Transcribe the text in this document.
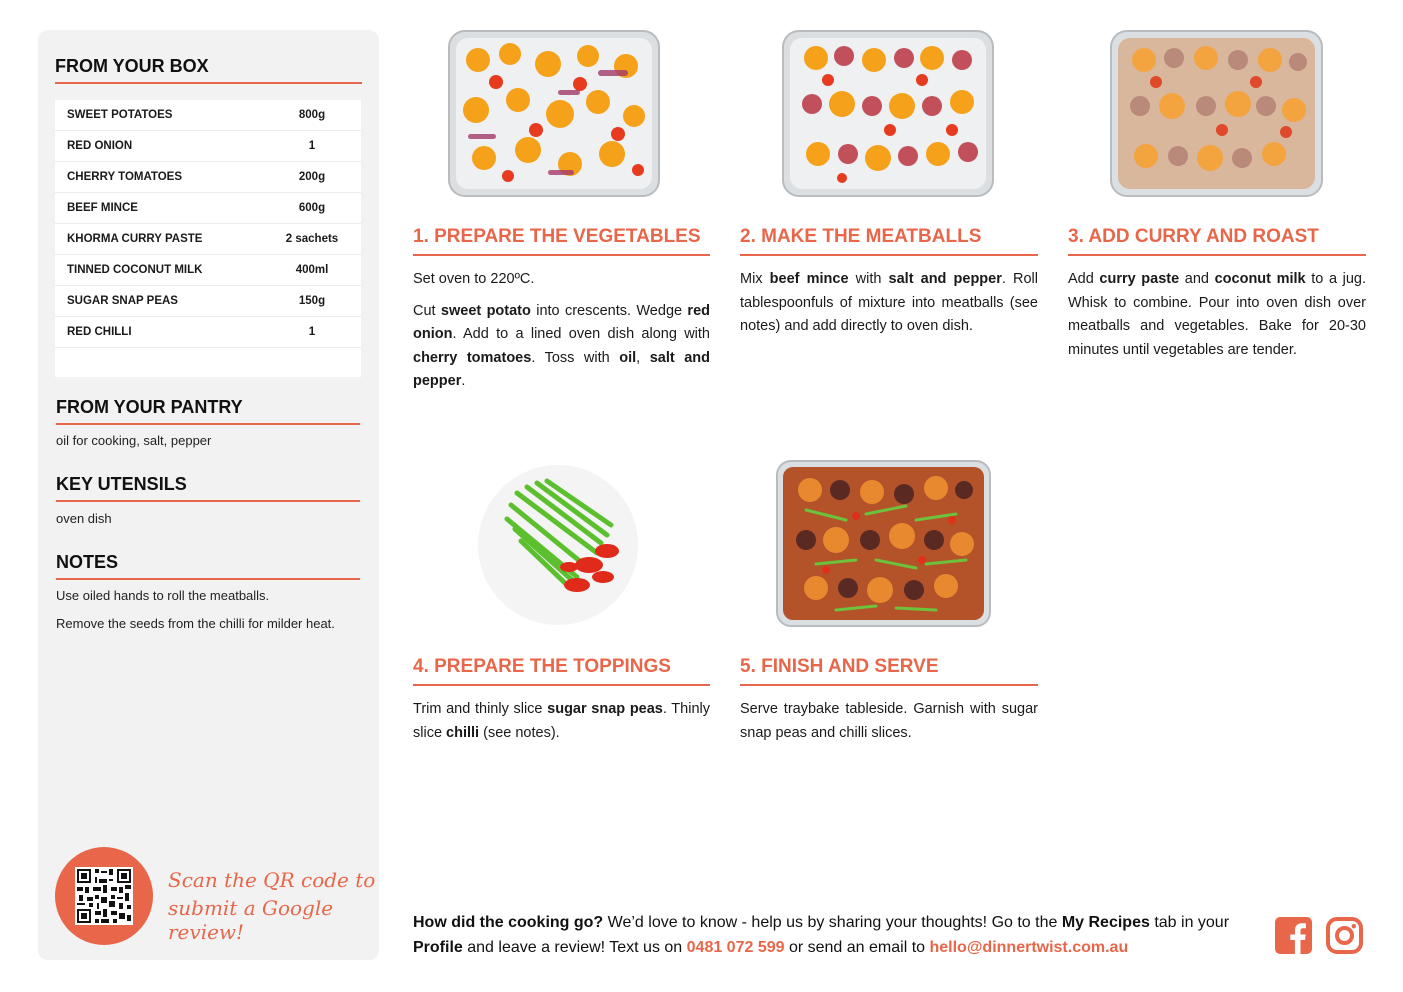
FROM YOUR BOX
SWEET POTATOES	800g
RED ONION	1
CHERRY TOMATOES	200g
BEEF MINCE	600g
KHORMA CURRY PASTE	2 sachets
TINNED COCONUT MILK	400ml
SUGAR SNAP PEAS	150g
RED CHILLI	1
FROM YOUR PANTRY
oil for cooking, salt, pepper
KEY UTENSILS
oven dish
NOTES
Use oiled hands to roll the meatballs.
Remove the seeds from the chilli for milder heat.
Scan the QR code to
submit a Google review!
1. PREPARE THE VEGETABLES

Set oven to 220ºC.

Cut sweet potato into crescents. Wedge red onion. Add to a lined oven dish along with cherry tomatoes. Toss with oil, salt and pepper.

2. MAKE THE MEATBALLS

Mix beef mince with salt and pepper. Roll tablespoonfuls of mixture into meatballs (see notes) and add directly to oven dish.

3. ADD CURRY AND ROAST

Add curry paste and coconut milk to a jug. Whisk to combine. Pour into oven dish over meatballs and vegetables. Bake for 20-30 minutes until vegetables are tender.

4. PREPARE THE TOPPINGS

Trim and thinly slice sugar snap peas. Thinly slice chilli (see notes).

5. FINISH AND SERVE

Serve traybake tableside. Garnish with sugar snap peas and chilli slices.

How did the cooking go? We’d love to know - help us by sharing your thoughts! Go to the My Recipes tab in your Profile and leave a review! Text us on 0481 072 599 or send an email to hello@dinnertwist.com.au
